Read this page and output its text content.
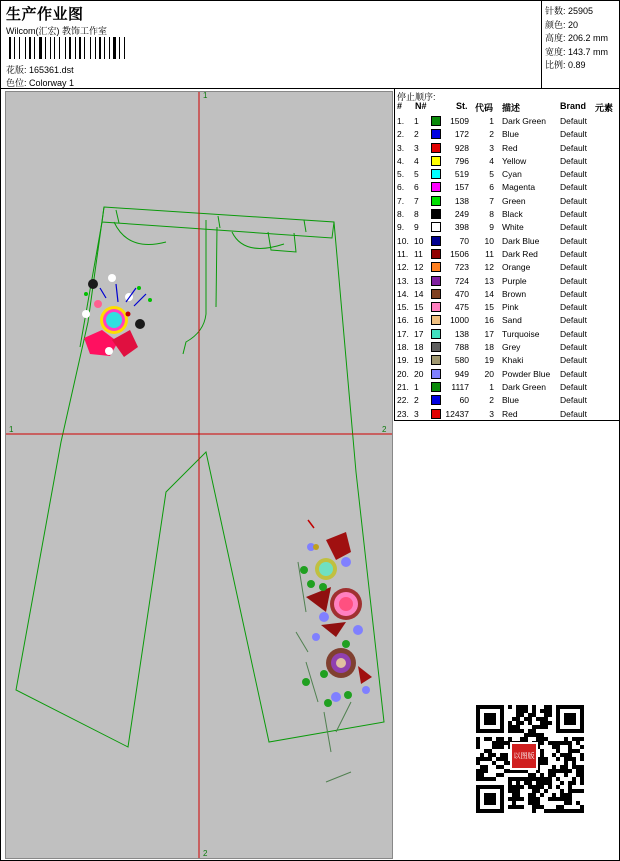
生产作业图
Wilcom(汇宏) 教饰工作室
花版: 165361.dst
色位: Colorway 1
针数: 25905
颜色: 20
高度: 206.2 mm
宽度: 143.7 mm
比例: 0.89
1
2
1	2
停止顺序:
# N#	St. 代码 描述	Brand 元素
1. 1	1509 1 Dark Green Default
2. 2	172 2 Blue	Default
3. 3	928 3 Red	Default
4. 4	796 4 Yellow	Default
5. 5	519 5 Cyan	Default
6. 6	157 6 Magenta	Default
7. 7	138 7 Green	Default
8. 8	249 8 Black	Default
9. 9	398 9 White	Default
10. 10	70 10 Dark Blue Default
11. 11	1506 11 Dark Red	Default
12. 12	723 12 Orange	Default
13. 13	724 13 Purple	Default
14. 14	470 14 Brown	Default
15. 15	475 15 Pink	Default
16. 16	1000 16 Sand	Default
17. 17	138 17 Turquoise Default
18. 18	788 18 Grey	Default
19. 19	580 19 Khaki	Default
20. 20	949 20 Powder Blue Default
21. 1	1117 1 Dark Green Default
22. 2	60 2 Blue	Default
23. 3	12437 3 Red	Default
以图版
